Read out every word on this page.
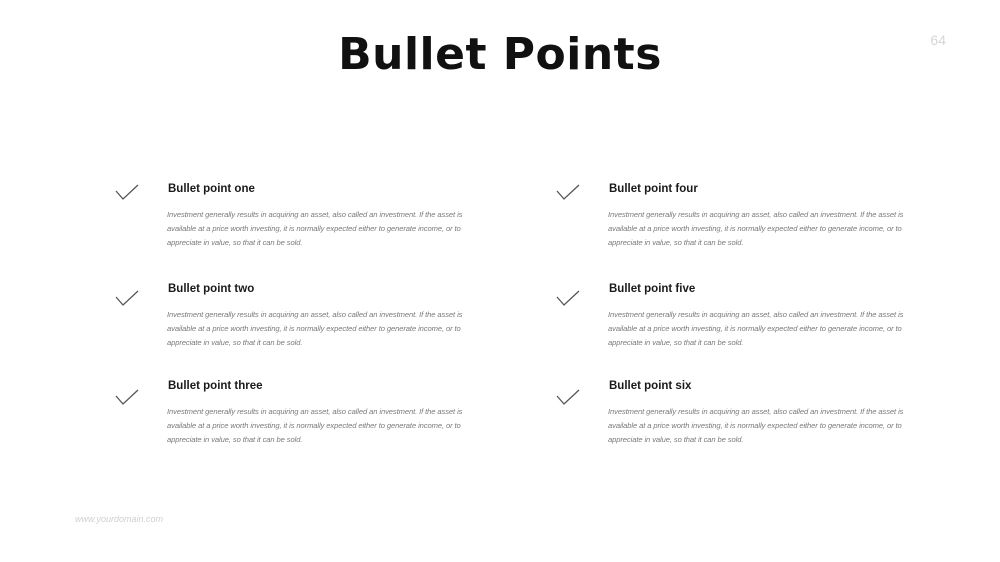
Bullet Points	64
Bullet point one
Investment generally results in acquiring an asset, also called an investment. If the asset is available at a price worth investing, it is normally expected either to generate income, or to appreciate in value, so that it can be sold.
Bullet point two
Investment generally results in acquiring an asset, also called an investment. If the asset is available at a price worth investing, it is normally expected either to generate income, or to appreciate in value, so that it can be sold.
Bullet point three
Investment generally results in acquiring an asset, also called an investment. If the asset is available at a price worth investing, it is normally expected either to generate income, or to appreciate in value, so that it can be sold.
Bullet point four
Investment generally results in acquiring an asset, also called an investment. If the asset is available at a price worth investing, it is normally expected either to generate income, or to appreciate in value, so that it can be sold.
Bullet point five
Investment generally results in acquiring an asset, also called an investment. If the asset is available at a price worth investing, it is normally expected either to generate income, or to appreciate in value, so that it can be sold.
Bullet point six
Investment generally results in acquiring an asset, also called an investment. If the asset is available at a price worth investing, it is normally expected either to generate income, or to appreciate in value, so that it can be sold.
www.yourdomain.com
